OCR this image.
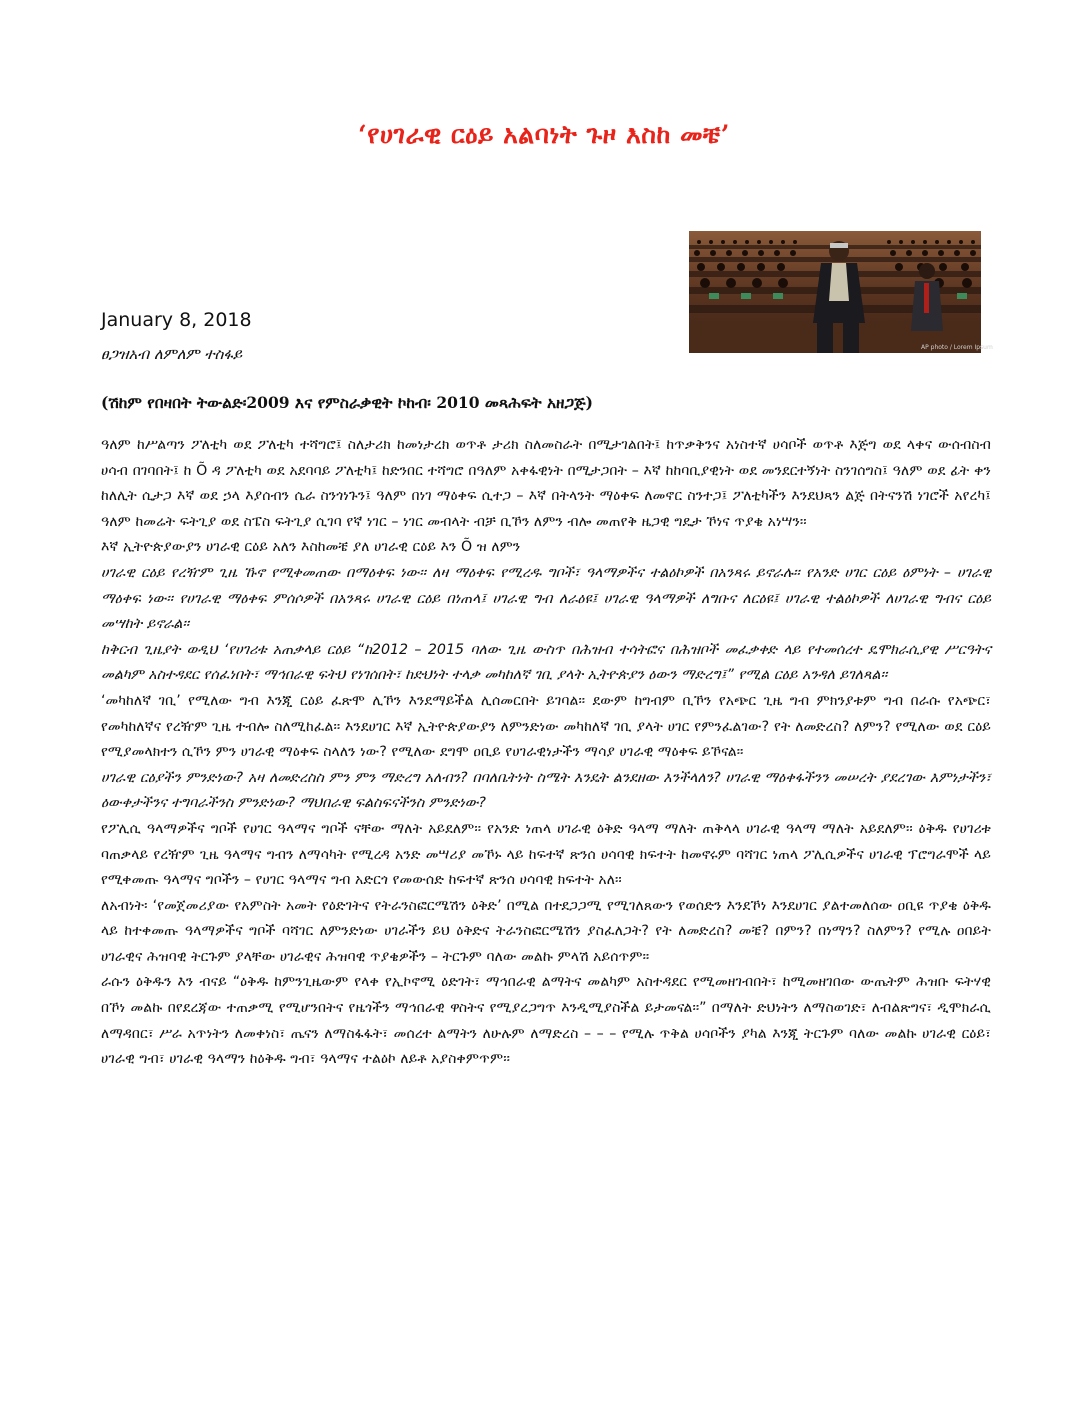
‘የሀገራዊ ርዕይ አልባነት ጉዞ እስከ መቼ’
AP photo / Lorem Ipsum
January 8, 2018
ፀጋዝአብ ለምለም ተስፋይ
(ሽከም የበዛበት ትውልድ፡2009 እና የምስራቃዊት ኮከብ፡ 2010 መጻሕፍት አዘጋጅ)

ዓለም ከሥልጣን ፖለቲካ ወደ ፖለቲካ ተሻግሮ፤ ስለታሪክ ከመነታረክ ወጥቶ ታሪክ ስለመስራት በሚታገልበት፤ ከጥቃቅንና አነስተኛ ሀሳቦች ወጥቶ እጅግ ወደ ላቀና ውሰብስብ ሀሳብ በገባበት፤ ከ Õ ዳ ፖለቲካ ወደ አደባባይ ፖለቲካ፤ ከድንበር ተሻግሮ በዓለም አቀፋዊነት በሚታጋበት – እኛ ከከባቢያዊነት ወደ መንደርተኝነት ስንገሰግስ፤ ዓለም ወደ ፊት ቀን ከለሊት ሲታጋ እኛ ወደ ኃላ እያሰብን ሴራ ስንጎነጉን፤ ዓለም በነገ ማዕቀፍ ሲተጋ – እኛ በትላንት ማዕቀፍ ለመኖር ስንተጋ፤ ፖለቲካችን እንደህጻን ልጅ በትናንሽ ነገሮች አየረካ፤ ዓለም ከመሬት ፍትጊያ ወደ ስፔስ ፍትጊያ ሲገባ የኛ ነገር – ነገር መብላት ብቻ ቢኾን ለምን ብሎ መጠየቅ ዜጋዊ ግዴታ ኾነና ጥያቄ አነሣን፡፡

እኛ ኢትዮጵያውያን ሀገራዊ ርዕይ አለን እስከመቼ ያለ ሀገራዊ ርዕይ እን Õ ዝ ለምን

ሀገራዊ ርዕይ የረዥም ጊዜ ኹኖ የሚቀመጠው በማዕቀፍ ነው፡፡ ለዛ ማዕቀፍ የሚረዱ ግቦች፣ ዓላማዎችና ተልዕኮዎች በአንጻሩ ይኖራሉ፡፡ የአንድ ሀገር ርዕይ ዕምነት – ሀገራዊ ማዕቀፍ ነው፡፡ የሀገራዊ ማዕቀፍ ምሰሶዎች በአንጻሩ ሀገራዊ ርዕይ በነጠላ፤ ሀገራዊ ግብ ለራዕዩ፤ ሀገራዊ ዓላማዎች ለግቡና ለርዕዩ፤ ሀገራዊ ተልዕኮዎች ለሀገራዊ ግብና ርዕይ መሣከት ይኖራል፡፡

ከቅርብ ጊዜያት ወዲህ ‘የሀገሪቱ አጠቃላይ ርዕይ “ከ2012 – 2015 ባለው ጊዜ ውስጥ በሕዝብ ተሳትፎና በሕዝቦች መፈቃቀድ ላይ የተመሰረተ ዴሞክራሲያዊ ሥርዓትና መልካም አስተዳደር የሰፈነበት፣ ማኅበራዊ ፍትህ የነገሰበት፣ ከድህነት ተላቃ መካከለኛ ገቢ ያላት ኢትዮጵያን ዕውን ማድረግ፤” የሚል ርዕይ አንዳለ ይገለጻል፡፡

‘መካከለኛ ገቢ’ የሚለው ግብ እንጂ ርዕይ ፈጽሞ ሊኾን እንደማይችል ሊሰመርበት ይገባል፡፡ ደውም ከግብም ቢኾን የአጭር ጊዜ ግብ ምክንያቱም ግብ በራሱ የአጭር፣ የመካከለኛና የረዥም ጊዜ ተብሎ ስለሚከፈል፡፡ እንደሀገር እኛ ኢትዮጵያውያን ለምንድነው መካከለኛ ገቢ ያላት ሀገር የምንፈልገው? የት ለመድረስ? ለምን? የሚለው ወደ ርዕይ የሚያመላክተን ሲኾን ምን ሀገራዊ ማዕቀፍ ስላለን ነው? የሚለው ደግሞ ዐቢይ የሀገራዊነታችን ማሳያ ሀገራዊ ማዕቀፍ ይኾናል፡፡

ሀገራዊ ርዕያችን ምንድነው? አዛ ለመድረስስ ምን ምን ማድረግ አለብን? በባለቤትነት ስሜት እንዴት ልንደዘው እንችላለን? ሀገራዊ ማዕቀፋችንን መሠረት ያደረገው እምነታችን፣ ዕውቀታችንና ተግባራችንስ ምንድነው? ማህበራዊ ፍልስፍናችንስ ምንድነው?

የፖሊሲ ዓላማዎችና ግቦች የሀገር ዓላማና ግቦች ናቸው ማለት አይደለም፡፡ የአንድ ነጠላ ሀገራዊ ዕቅድ ዓላማ ማለት ጠቅላላ ሀገራዊ ዓላማ ማለት አይደለም፡፡ ዕቅዱ የሀገሪቱ ባጠቃላይ የረዥም ጊዜ ዓላማና ግብን ለማሳካት የሚረዳ አንድ መሣሪያ መኾኑ ላይ ከፍተኛ ጽንሰ ሀሳባዊ ክፍተት ከመኖሩም ባሻገር ነጠላ ፖሊሲዎችና ሀገራዊ ፕሮግራሞች ላይ የሚቀመጡ ዓላማና ግቦችን – የሀገር ዓላማና ግብ አድርጎ የመውሰድ ከፍተኛ ጽንሰ ሀሳባዊ ክፍተት አለ፡፡

ለአብነት፡ ‘የመጀመሪያው የአምስት አመት የዕድገትና የትራንስፎርሜሽን ዕቅድ’ በሚል በተደጋጋሚ የሚገለጸውን የወሰድን እንደኾነ እንደሀገር ያልተመለሰው ዐቢዩ ጥያቄ ዕቅዱ ላይ ከተቀመጡ ዓላማዎችና ግቦች ባሻገር ለምንድነው ሀገራችን ይህ ዕቅድና ትራንስፎርሜሽን ያስፈለጋት? የት ለመድረስ? መቼ? በምን? በነማን? ስለምን? የሚሉ ዐበይት ሀገራዊና ሕዝባዊ ትርጉም ያላቸው ሀገራዊና ሕዝባዊ ጥያቄዎችን – ትርጉም ባለው መልኩ ምላሽ አይሰጥም፡፡

ራሱን ዕቅዱን እን ብናይ “ዕቅዱ ከምንጊዜውም የላቀ የኢኮኖሚ ዕድገት፣ ማኅበራዊ ልማትና መልካም አስተዳደር የሚመዘገብበት፣ ከሚመዘገበው ውጤትም ሕዝቡ ፍትሃዊ በኾነ መልኩ በየደረጃው ተጠቃሚ የሚሆንበትና የዜጎችን ማኅበራዊ ዋስትና የሚያረጋግጥ እንዲሚያስችል ይታመናል፡፡” በማለት ድህነትን ለማስወገድ፣ ለብልጽግና፣ ዲሞክራሲ ለማዳበር፣ ሥራ አጥነትን ለመቀነስ፣ ጤናን ለማስፋፋት፣ መሰረተ ልማትን ለሁሉም ለማድረስ – – – የሚሉ ጥቅል ሀሳቦችን ያካል እንጂ ትርጉም ባለው መልኩ ሀገራዊ ርዕይ፣ ሀገራዊ ግብ፣ ሀገራዊ ዓላማን ከዕቅዱ ግብ፣ ዓላማና ተልዕኮ ለይቶ አያስቀምጥም፡፡
